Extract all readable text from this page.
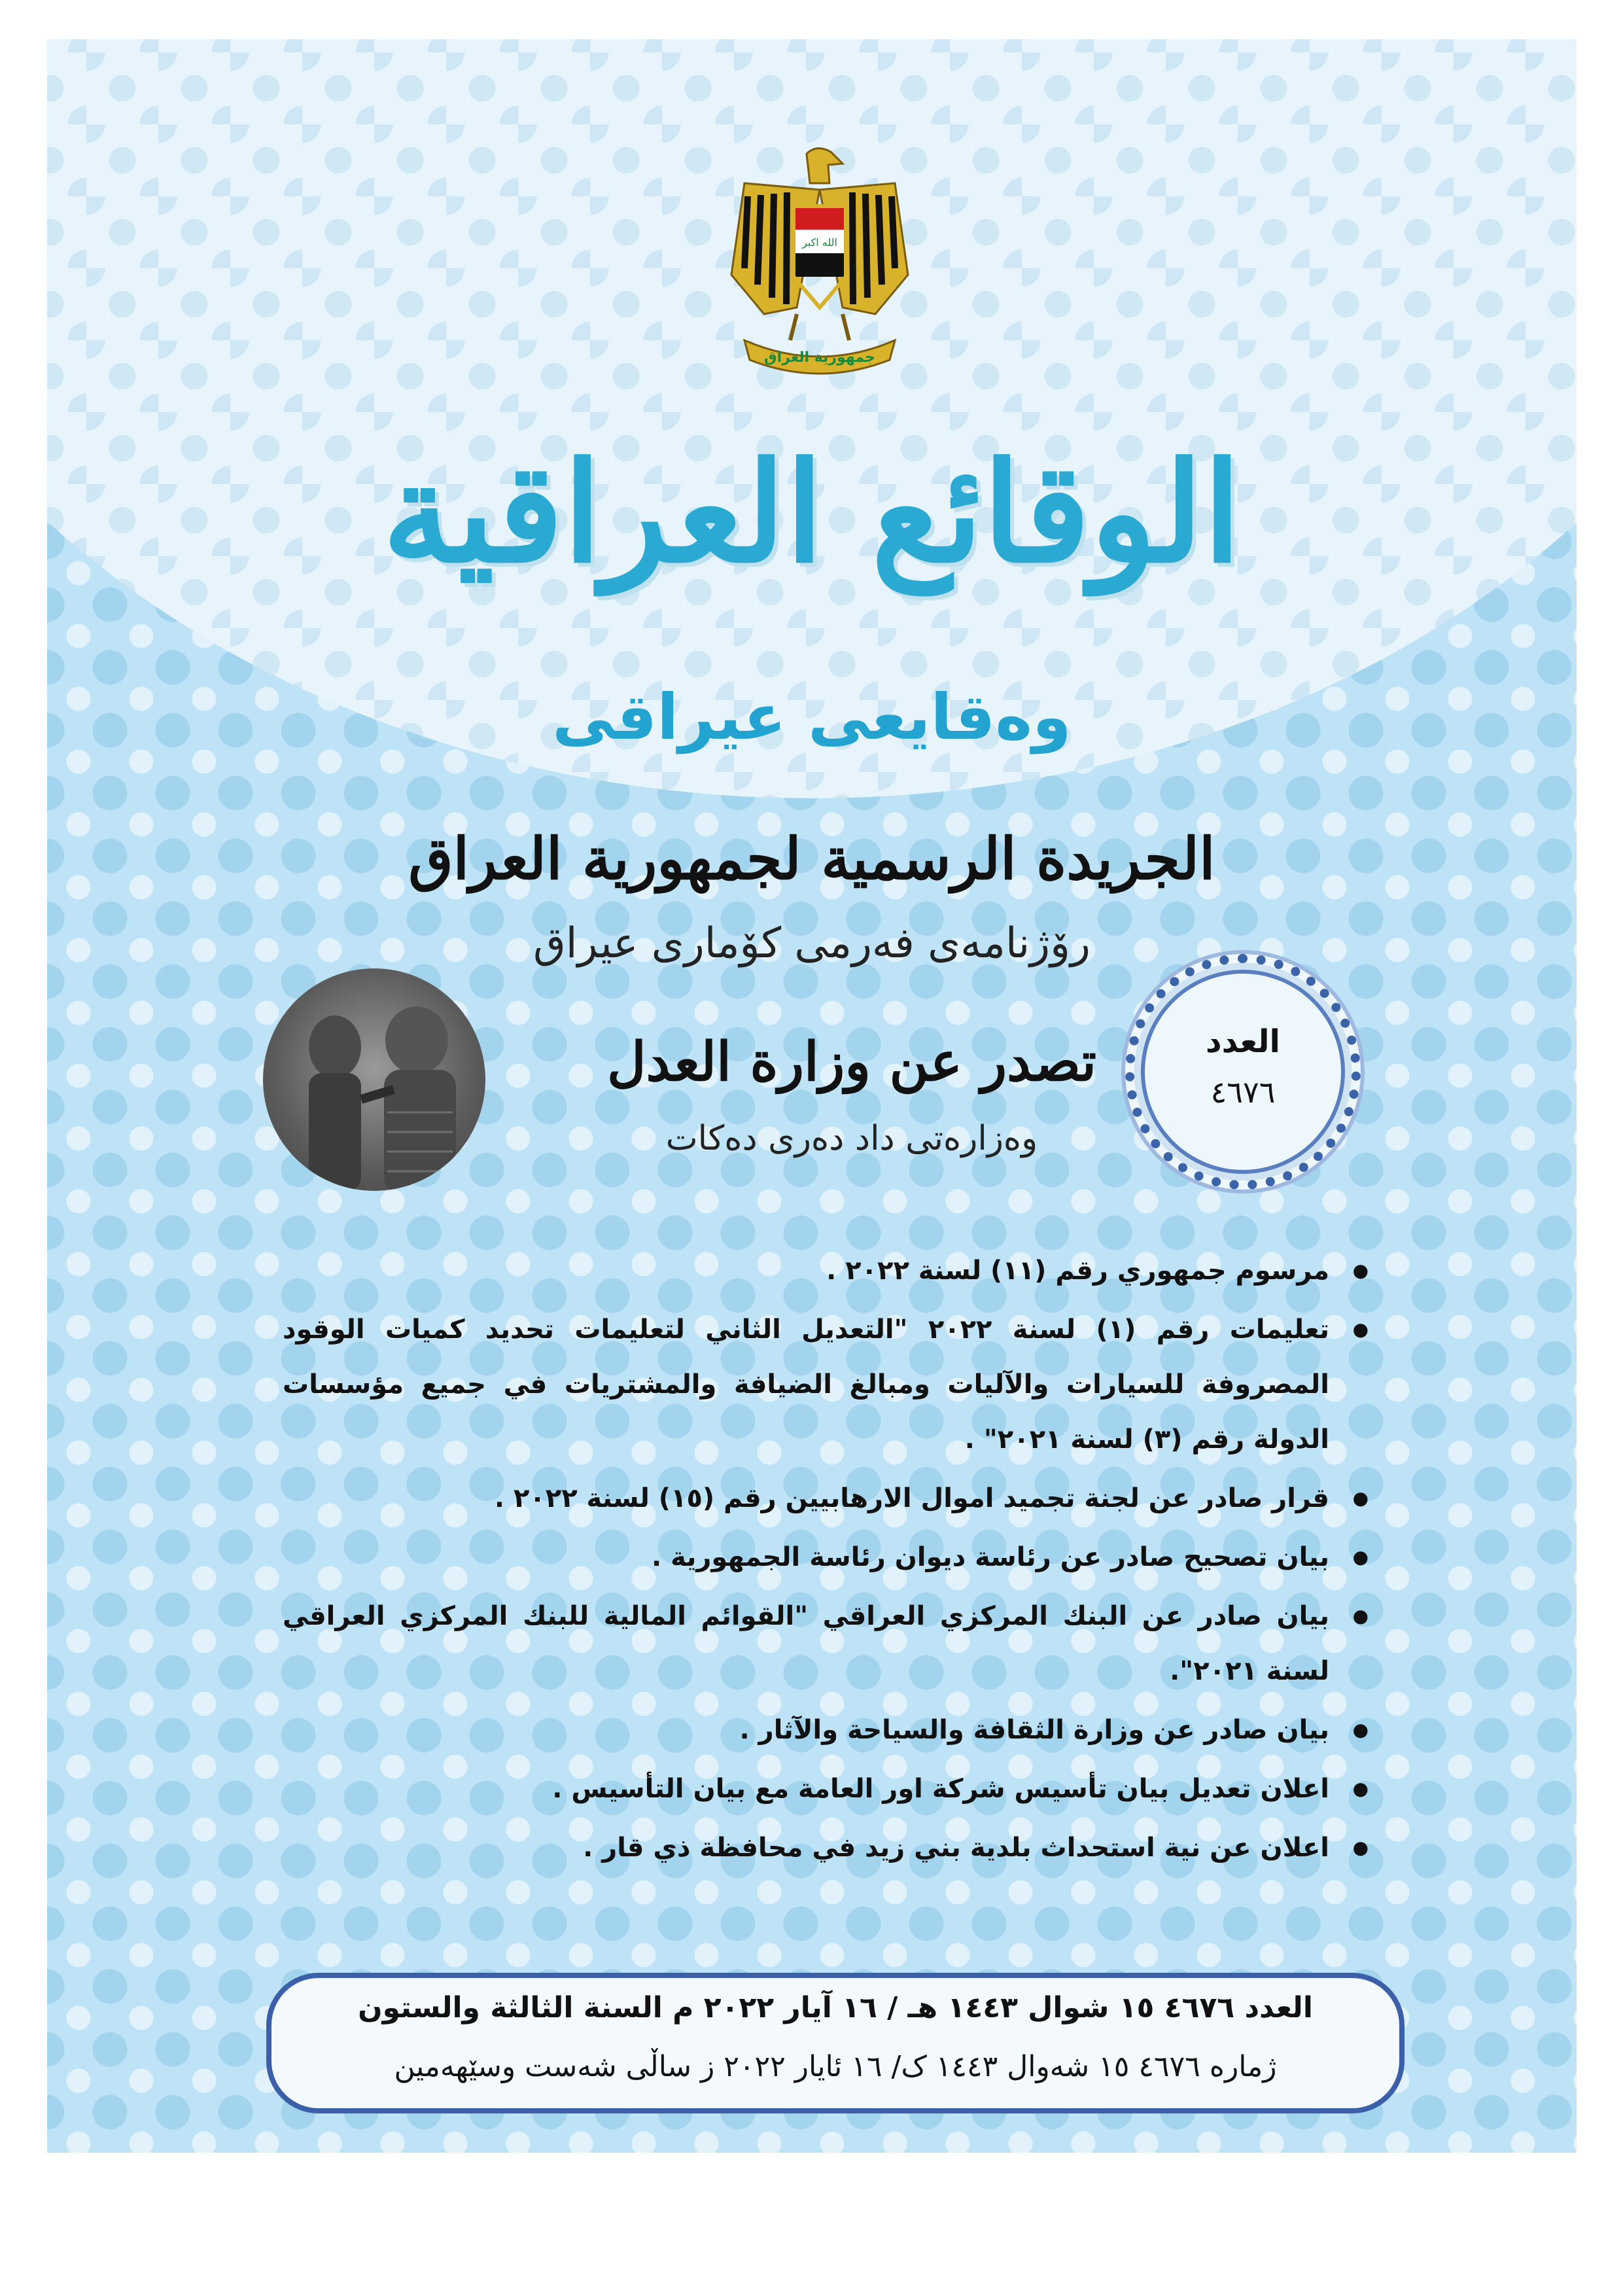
الله اكبر
جمهورية العراق
الوقائع العراقية
وەقایعی عیراقی
الجريدة الرسمية لجمهورية العراق
رۆژنامەی فەرمی کۆماری عیراق
تصدر عن وزارة العدل
وەزارەتی داد دەری دەکات
العدد
٤٦٧٦
● مرسوم جمهوري رقم (١١) لسنة ٢٠٢٢ .
● تعليمات رقم (١) لسنة ٢٠٢٢ "التعديل الثاني لتعليمات تحديد كميات الوقود المصروفة للسيارات والآليات ومبالغ الضيافة والمشتريات في جميع مؤسسات الدولة رقم (٣) لسنة ٢٠٢١" .
● قرار صادر عن لجنة تجميد اموال الارهابيين رقم (١٥) لسنة ٢٠٢٢ .
● بيان تصحيح صادر عن رئاسة ديوان رئاسة الجمهورية .
● بيان صادر عن البنك المركزي العراقي "القوائم المالية للبنك المركزي العراقي لسنة ٢٠٢١".
● بيان صادر عن وزارة الثقافة والسياحة والآثار .
● اعلان تعديل بيان تأسيس شركة اور العامة مع بيان التأسيس .
● اعلان عن نية استحداث بلدية بني زيد في محافظة ذي قار .
العدد ٤٦٧٦ ١٥ شوال ١٤٤٣ هـ / ١٦ آيار ٢٠٢٢ م السنة الثالثة والستون
ژمارە ٤٦٧٦ ١٥ شەوال ١٤٤٣ ک/ ١٦ ئايار ٢٠٢٢ ز ساڵی شەست وسێهەمین
